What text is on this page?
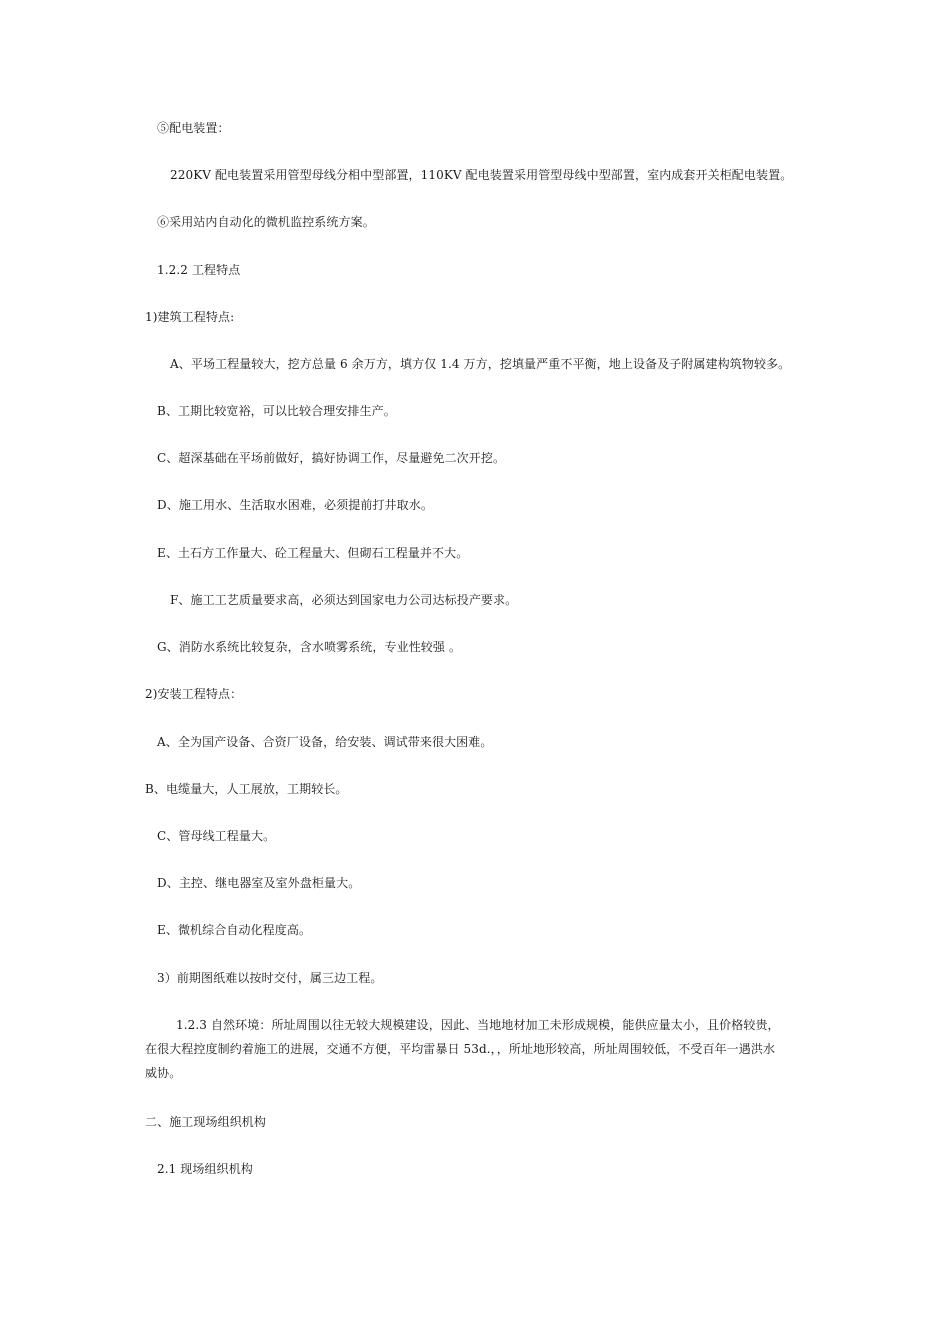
⑤配电装置：
220KV 配电装置采用管型母线分相中型部置，110KV 配电装置采用管型母线中型部置，室内成套开关柜配电装置。
⑥采用站内自动化的微机监控系统方案。
1.2.2 工程特点
1)建筑工程特点:
A、平场工程量较大，挖方总量 6 余万方，填方仅 1.4 万方，挖填量严重不平衡，地上设备及子附属建构筑物较多。
B、工期比较宽裕，可以比较合理安排生产。
C、超深基础在平场前做好，搞好协调工作，尽量避免二次开挖。
D、施工用水、生活取水困难，必须提前打井取水。
E、土石方工作量大、砼工程量大、但砌石工程量并不大。
F、施工工艺质量要求高，必须达到国家电力公司达标投产要求。
G、消防水系统比较复杂，含水喷雾系统，专业性较强 。
2)安装工程特点：
A、全为国产设备、合资厂设备，给安装、调试带来很大困难。
B、电缆量大，人工展放，工期较长。
C、管母线工程量大。
D、主控、继电器室及室外盘柜量大。
E、微机综合自动化程度高。
3）前期图纸难以按时交付，属三边工程。
1.2.3 自然环境：所址周围以往无较大规模建设，因此、当地地材加工未形成规模，能供应量太小，且价格较贵，
在很大程控度制约着施工的进展，交通不方便，平均雷暴日 53d.，，所址地形较高，所址周围较低，不受百年一遇洪水
威协。
二、施工现场组织机构
2.1 现场组织机构
